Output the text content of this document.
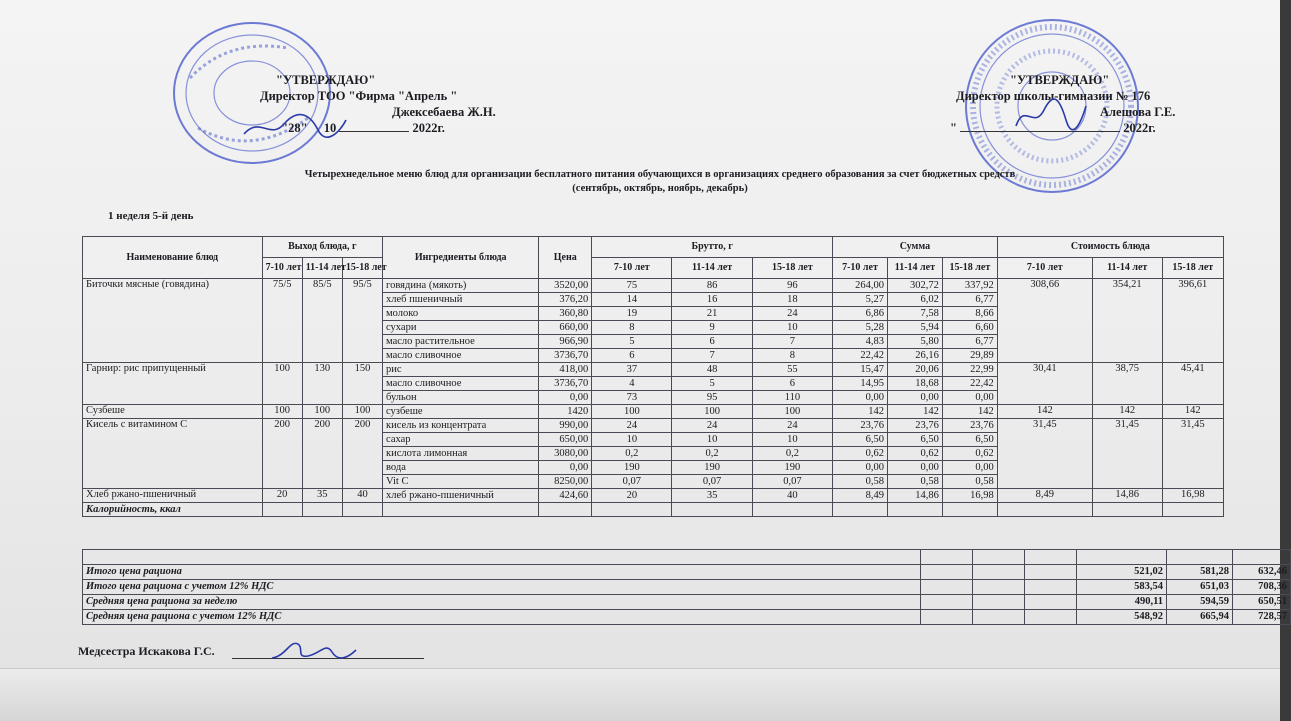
"УТВЕРЖДАЮ"
Директор ТОО "Фирма "Апрель "
Джексебаева Ж.Н.
"28" 10	2022г.
"УТВЕРЖДАЮ"
Директор школы-гимназии № 176
Алешова Г.Е.
"	2022г.
Четырехнедельное меню блюд для организации бесплатного питания обучающихся в организациях среднего образования за счет бюджетных средств
(сентябрь, октябрь, ноябрь, декабрь)
1 неделя 5-й день
Наименование блюд	Выход блюда, г			Ингредиенты блюда	Цена	Брутто, г			Сумма			Стоимость блюда		
	7-10 лет	11-14 лет	15-18 лет			7-10 лет	11-14 лет	15-18 лет	7-10 лет	11-14 лет	15-18 лет	7-10 лет	11-14 лет	15-18 лет
Биточки мясные (говядина)	75/5	85/5	95/5	говядина (мякоть)	3520,00	75	86	96	264,00	302,72	337,92	308,66	354,21	396,61
				хлеб пшеничный	376,20	14	16	18	5,27	6,02	6,77			
				молоко	360,80	19	21	24	6,86	7,58	8,66			
				сухари	660,00	8	9	10	5,28	5,94	6,60			
				масло растительное	966,90	5	6	7	4,83	5,80	6,77			
				масло сливочное	3736,70	6	7	8	22,42	26,16	29,89			
Гарнир: рис припущенный	100	130	150	рис	418,00	37	48	55	15,47	20,06	22,99	30,41	38,75	45,41
				масло сливочное	3736,70	4	5	6	14,95	18,68	22,42			
				бульон	0,00	73	95	110	0,00	0,00	0,00			
Сузбеше	100	100	100	сузбеше	1420	100	100	100	142	142	142	142	142	142
Кисель с витамином С	200	200	200	кисель из концентрата	990,00	24	24	24	23,76	23,76	23,76	31,45	31,45	31,45
				сахар	650,00	10	10	10	6,50	6,50	6,50			
				кислота лимонная	3080,00	0,2	0,2	0,2	0,62	0,62	0,62			
				вода	0,00	190	190	190	0,00	0,00	0,00			
				Vit C	8250,00	0,07	0,07	0,07	0,58	0,58	0,58			
Хлеб ржано-пшеничный	20	35	40	хлеб ржано-пшеничный	424,60	20	35	40	8,49	14,86	16,98	8,49	14,86	16,98
Калорийность, ккал														

Итого цена рациона				521,02	581,28	632,46
Итого цена рациона с учетом 12% НДС				583,54	651,03	708,36
Средняя цена рациона за неделю				490,11	594,59	650,51
Средняя цена рациона с учетом 12% НДС				548,92	665,94	728,57
Медсестра Искакова Г.С.
